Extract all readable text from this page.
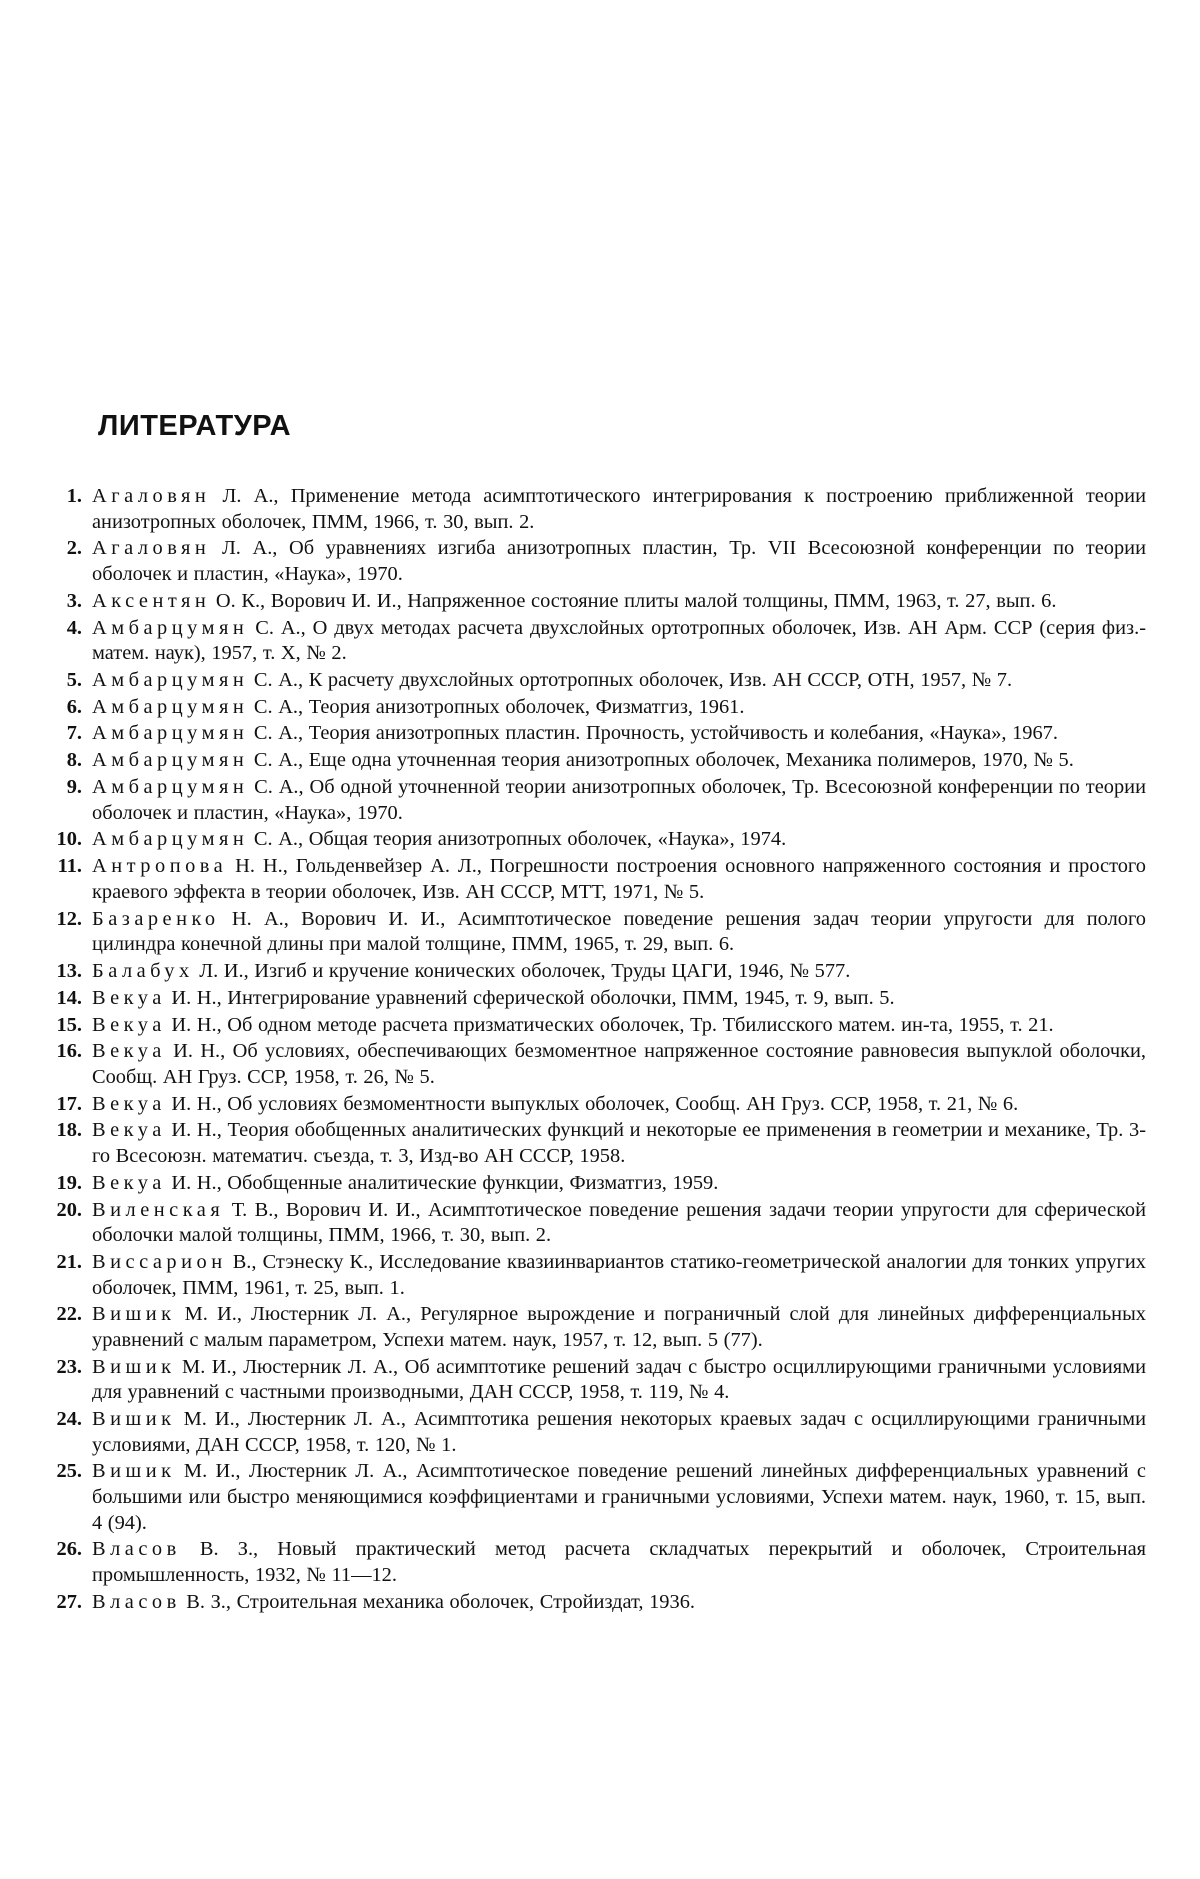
ЛИТЕРАТУРА
1. Агаловян Л. А., Применение метода асимптотического интегрирования к построению приближенной теории анизотропных оболочек, ПММ, 1966, т. 30, вып. 2.
2. Агаловян Л. А., Об уравнениях изгиба анизотропных пластин, Тр. VII Всесоюзной конференции по теории оболочек и пластин, «Наука», 1970.
3. Аксентян О. К., Ворович И. И., Напряженное состояние плиты малой толщины, ПММ, 1963, т. 27, вып. 6.
4. Амбарцумян С. А., О двух методах расчета двухслойных ортотропных оболочек, Изв. АН Арм. ССР (серия физ.-матем. наук), 1957, т. X, № 2.
5. Амбарцумян С. А., К расчету двухслойных ортотропных оболочек, Изв. АН СССР, ОТН, 1957, № 7.
6. Амбарцумян С. А., Теория анизотропных оболочек, Физматгиз, 1961.
7. Амбарцумян С. А., Теория анизотропных пластин. Прочность, устойчивость и колебания, «Наука», 1967.
8. Амбарцумян С. А., Еще одна уточненная теория анизотропных оболочек, Механика полимеров, 1970, № 5.
9. Амбарцумян С. А., Об одной уточненной теории анизотропных оболочек, Тр. Всесоюзной конференции по теории оболочек и пластин, «Наука», 1970.
10. Амбарцумян С. А., Общая теория анизотропных оболочек, «Наука», 1974.
11. Антропова Н. Н., Гольденвейзер А. Л., Погрешности построения основного напряженного состояния и простого краевого эффекта в теории оболочек, Изв. АН СССР, МТТ, 1971, № 5.
12. Базаренко Н. А., Ворович И. И., Асимптотическое поведение решения задач теории упругости для полого цилиндра конечной длины при малой толщине, ПММ, 1965, т. 29, вып. 6.
13. Балабух Л. И., Изгиб и кручение конических оболочек, Труды ЦАГИ, 1946, № 577.
14. Векуа И. Н., Интегрирование уравнений сферической оболочки, ПММ, 1945, т. 9, вып. 5.
15. Векуа И. Н., Об одном методе расчета призматических оболочек, Тр. Тбилисского матем. ин-та, 1955, т. 21.
16. Векуа И. Н., Об условиях, обеспечивающих безмоментное напряженное состояние равновесия выпуклой оболочки, Сообщ. АН Груз. ССР, 1958, т. 26, № 5.
17. Векуа И. Н., Об условиях безмоментности выпуклых оболочек, Сообщ. АН Груз. ССР, 1958, т. 21, № 6.
18. Векуа И. Н., Теория обобщенных аналитических функций и некоторые ее применения в геометрии и механике, Тр. 3-го Всесоюзн. математич. съезда, т. 3, Изд-во АН СССР, 1958.
19. Векуа И. Н., Обобщенные аналитические функции, Физматгиз, 1959.
20. Виленская Т. В., Ворович И. И., Асимптотическое поведение решения задачи теории упругости для сферической оболочки малой толщины, ПММ, 1966, т. 30, вып. 2.
21. Виссарион В., Стэнеску К., Исследование квазиинвариантов статико-геометрической аналогии для тонких упругих оболочек, ПММ, 1961, т. 25, вып. 1.
22. Вишик М. И., Люстерник Л. А., Регулярное вырождение и пограничный слой для линейных дифференциальных уравнений с малым параметром, Успехи матем. наук, 1957, т. 12, вып. 5 (77).
23. Вишик М. И., Люстерник Л. А., Об асимптотике решений задач с быстро осциллирующими граничными условиями для уравнений с частными производными, ДАН СССР, 1958, т. 119, № 4.
24. Вишик М. И., Люстерник Л. А., Асимптотика решения некоторых краевых задач с осциллирующими граничными условиями, ДАН СССР, 1958, т. 120, № 1.
25. Вишик М. И., Люстерник Л. А., Асимптотическое поведение решений линейных дифференциальных уравнений с большими или быстро меняющимися коэффициентами и граничными условиями, Успехи матем. наук, 1960, т. 15, вып. 4 (94).
26. Власов В. З., Новый практический метод расчета складчатых перекрытий и оболочек, Строительная промышленность, 1932, № 11—12.
27. Власов В. З., Строительная механика оболочек, Стройиздат, 1936.
